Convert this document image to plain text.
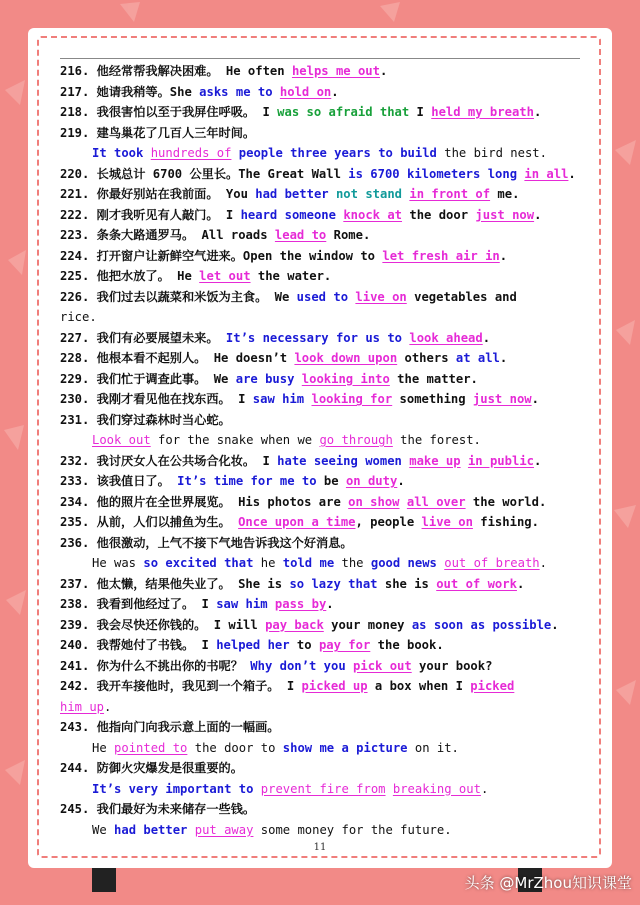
216. 他经常帮我解决困难。 He often helps me out.
217. 她请我稍等。She asks me to hold on.
218. 我很害怕以至于我屏住呼吸。 I was so afraid that I held my breath.
219. 建鸟巢花了几百人三年时间。
It took hundreds of people three years to build the bird nest.
220. 长城总计 6700 公里长。The Great Wall is 6700 kilometers long in all.
221. 你最好别站在我前面。 You had better not stand in front of me.
222. 刚才我听见有人敲门。 I heard someone knock at the door just now.
223. 条条大路通罗马。 All roads lead to Rome.
224. 打开窗户让新鲜空气进来。Open the window to let fresh air in.
225. 他把水放了。 He let out the water.
226. 我们过去以蔬菜和米饭为主食。 We used to live on vegetables and
rice.
227. 我们有必要展望未来。 It’s necessary for us to look ahead.
228. 他根本看不起别人。 He doesn’t look down upon others at all.
229. 我们忙于调查此事。 We are busy looking into the matter.
230. 我刚才看见他在找东西。 I saw him looking for something just now.
231. 我们穿过森林时当心蛇。
Look out for the snake when we go through the forest.
232. 我讨厌女人在公共场合化妆。 I hate seeing women make up in public.
233. 该我值日了。 It’s time for me to be on duty.
234. 他的照片在全世界展览。 His photos are on show all over the world.
235. 从前，人们以捕鱼为生。 Once upon a time, people live on fishing.
236. 他很激动，上气不接下气地告诉我这个好消息。
He was so excited that he told me the good news out of breath.
237. 他太懒，结果他失业了。 She is so lazy that she is out of work.
238. 我看到他经过了。 I saw him pass by.
239. 我会尽快还你钱的。 I will pay back your money as soon as possible.
240. 我帮她付了书钱。 I helped her to pay for the book.
241. 你为什么不挑出你的书呢？ Why don’t you pick out your book?
242. 我开车接他时，我见到一个箱子。 I picked up a box when I picked
him up.
243. 他指向门向我示意上面的一幅画。
He pointed to the door to show me a picture on it.
244. 防御火灾爆发是很重要的。
It’s very important to prevent fire from breaking out.
245. 我们最好为未来储存一些钱。
We had better put away some money for the future.
11
头条 @MrZhou知识课堂
